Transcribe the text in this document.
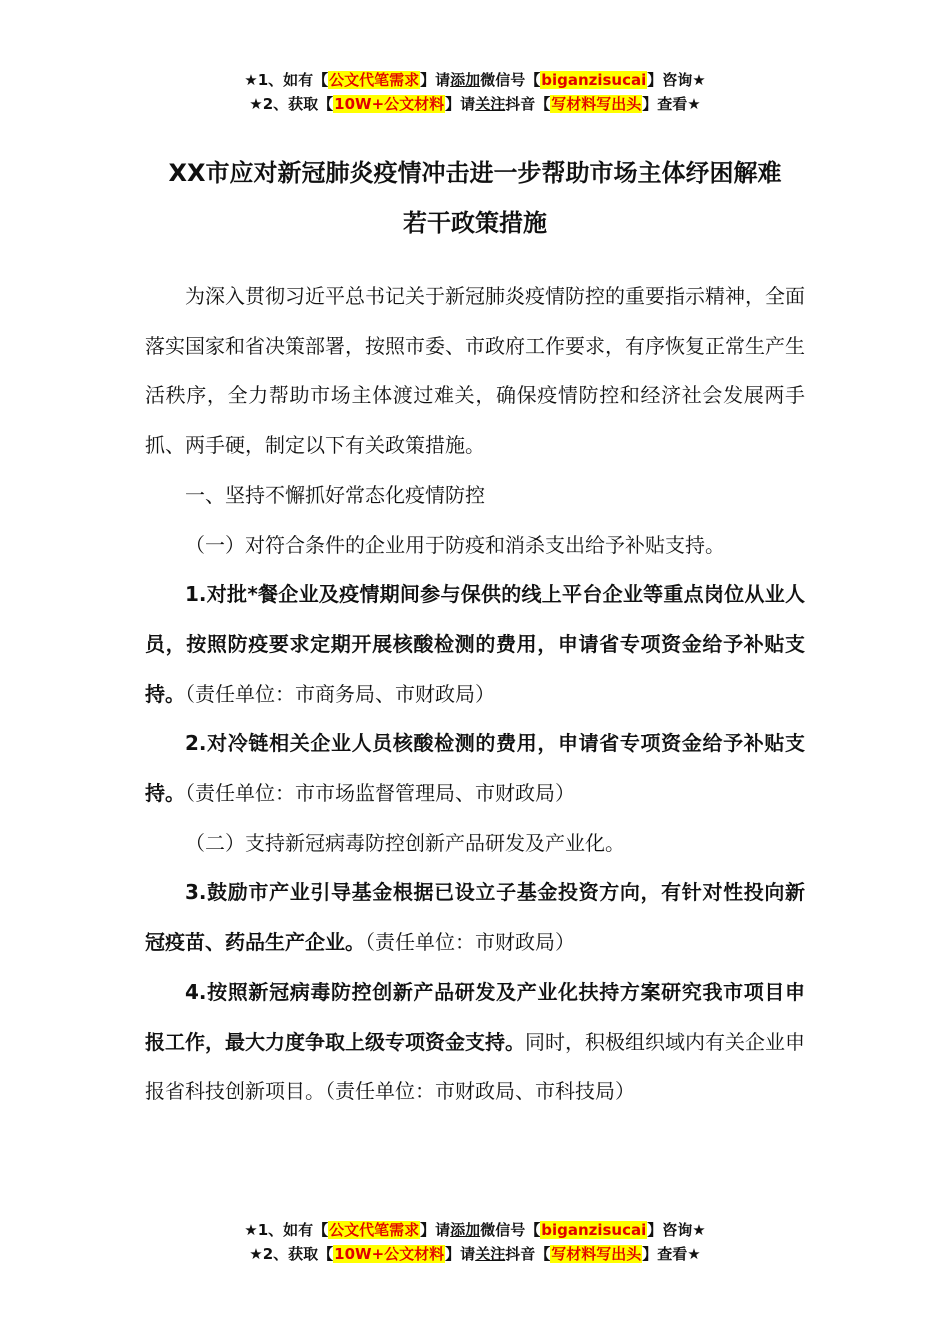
★1、如有【公文代笔需求】请添加微信号【biganzisucai】咨询★
★2、获取【10W+公文材料】请关注抖音【写材料写出头】查看★
XX市应对新冠肺炎疫情冲击进一步帮助市场主体纾困解难
若干政策措施

为深入贯彻习近平总书记关于新冠肺炎疫情防控的重要指示精神，全面落实国家和省决策部署，按照市委、市政府工作要求，有序恢复正常生产生活秩序，全力帮助市场主体渡过难关，确保疫情防控和经济社会发展两手抓、两手硬，制定以下有关政策措施。

一、坚持不懈抓好常态化疫情防控

（一）对符合条件的企业用于防疫和消杀支出给予补贴支持。

1.对批*餐企业及疫情期间参与保供的线上平台企业等重点岗位从业人员，按照防疫要求定期开展核酸检测的费用，申请省专项资金给予补贴支持。（责任单位：市商务局、市财政局）

2.对冷链相关企业人员核酸检测的费用，申请省专项资金给予补贴支持。（责任单位：市市场监督管理局、市财政局）

（二）支持新冠病毒防控创新产品研发及产业化。

3.鼓励市产业引导基金根据已设立子基金投资方向，有针对性投向新冠疫苗、药品生产企业。（责任单位：市财政局）

4.按照新冠病毒防控创新产品研发及产业化扶持方案研究我市项目申报工作，最大力度争取上级专项资金支持。同时，积极组织域内有关企业申报省科技创新项目。（责任单位：市财政局、市科技局）

★1、如有【公文代笔需求】请添加微信号【biganzisucai】咨询★
★2、获取【10W+公文材料】请关注抖音【写材料写出头】查看★
